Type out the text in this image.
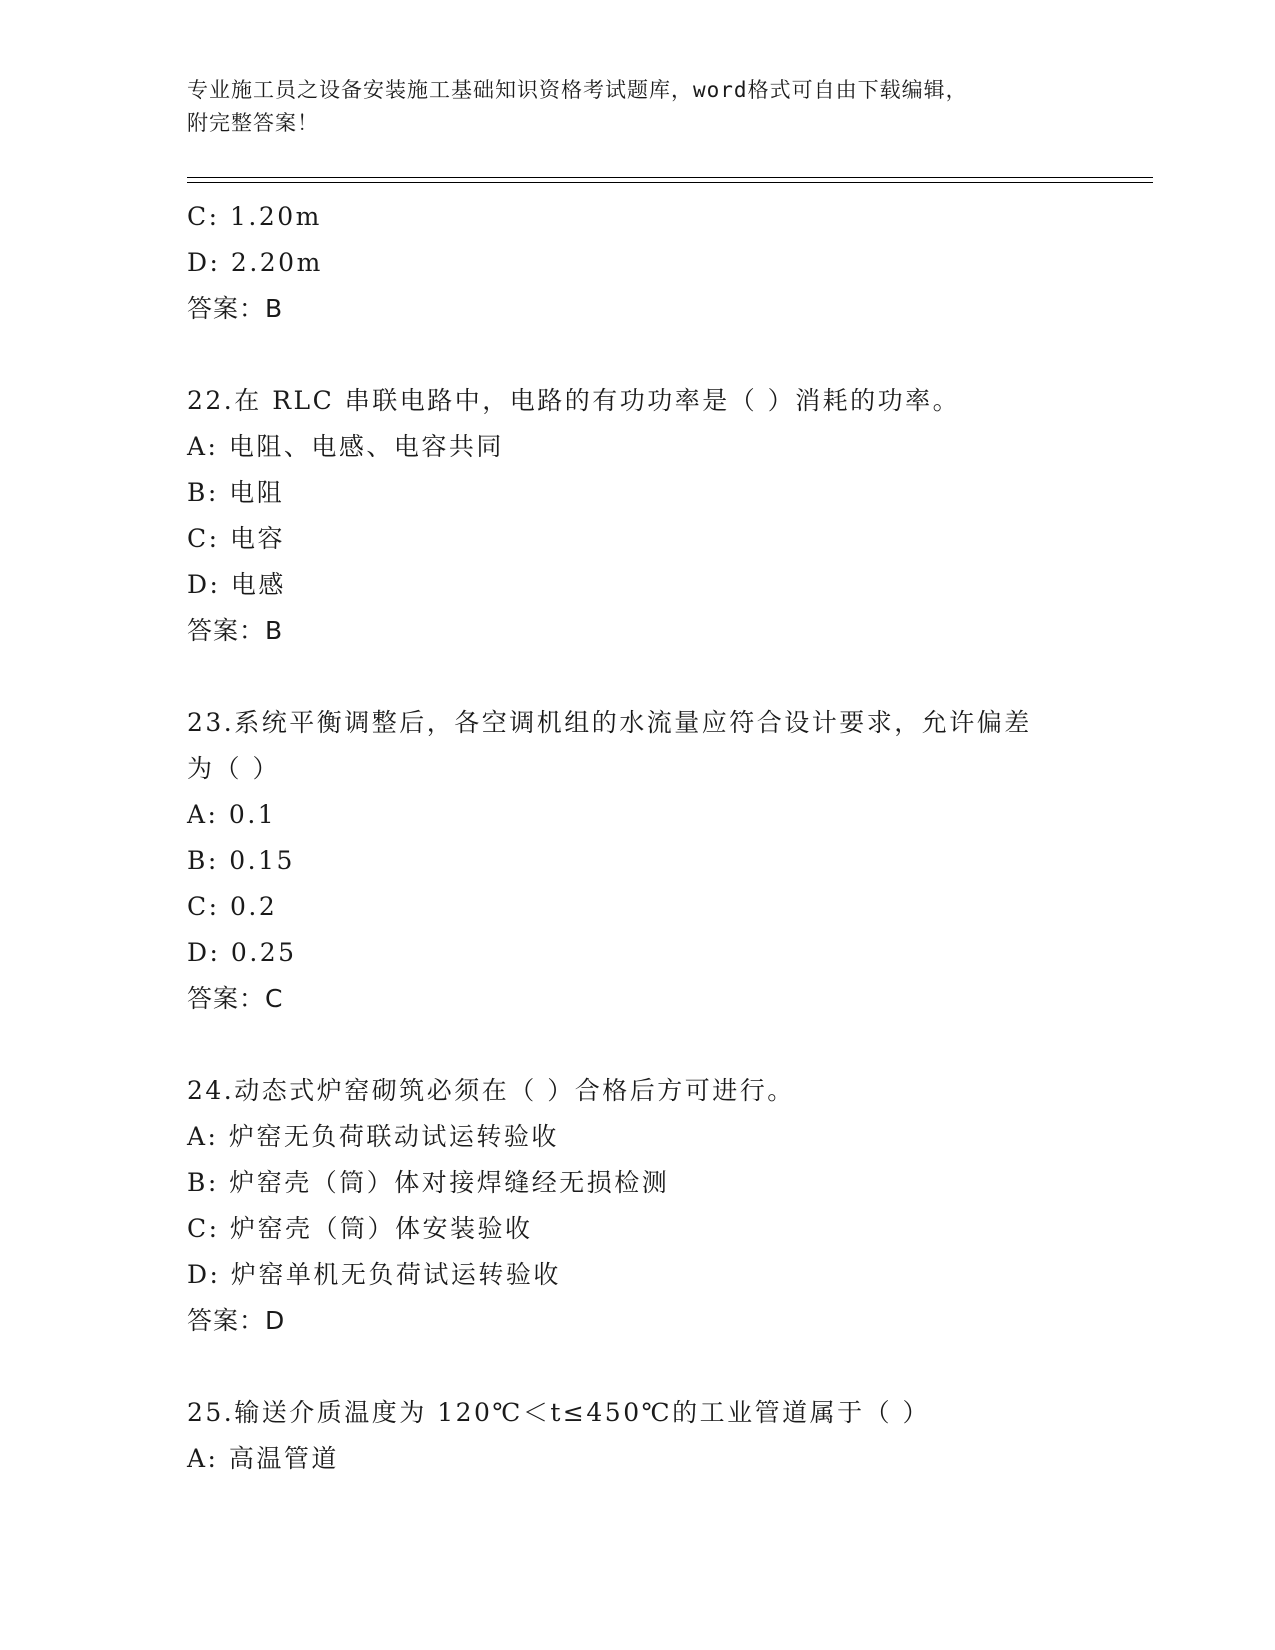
专业施工员之设备安装施工基础知识资格考试题库，word格式可自由下载编辑，
附完整答案！
C: 1.20m
D: 2.20m
答案：B
22.在 RLC 串联电路中，电路的有功功率是（ ）消耗的功率。
A: 电阻、电感、电容共同
B: 电阻
C: 电容
D: 电感
答案：B
23.系统平衡调整后，各空调机组的水流量应符合设计要求，允许偏差
为（ ）
A: 0.1
B: 0.15
C: 0.2
D: 0.25
答案：C
24.动态式炉窑砌筑必须在（ ）合格后方可进行。
A: 炉窑无负荷联动试运转验收
B: 炉窑壳（筒）体对接焊缝经无损检测
C: 炉窑壳（筒）体安装验收
D: 炉窑单机无负荷试运转验收
答案：D
25.输送介质温度为 120℃＜t≤450℃的工业管道属于（ ）
A: 高温管道
